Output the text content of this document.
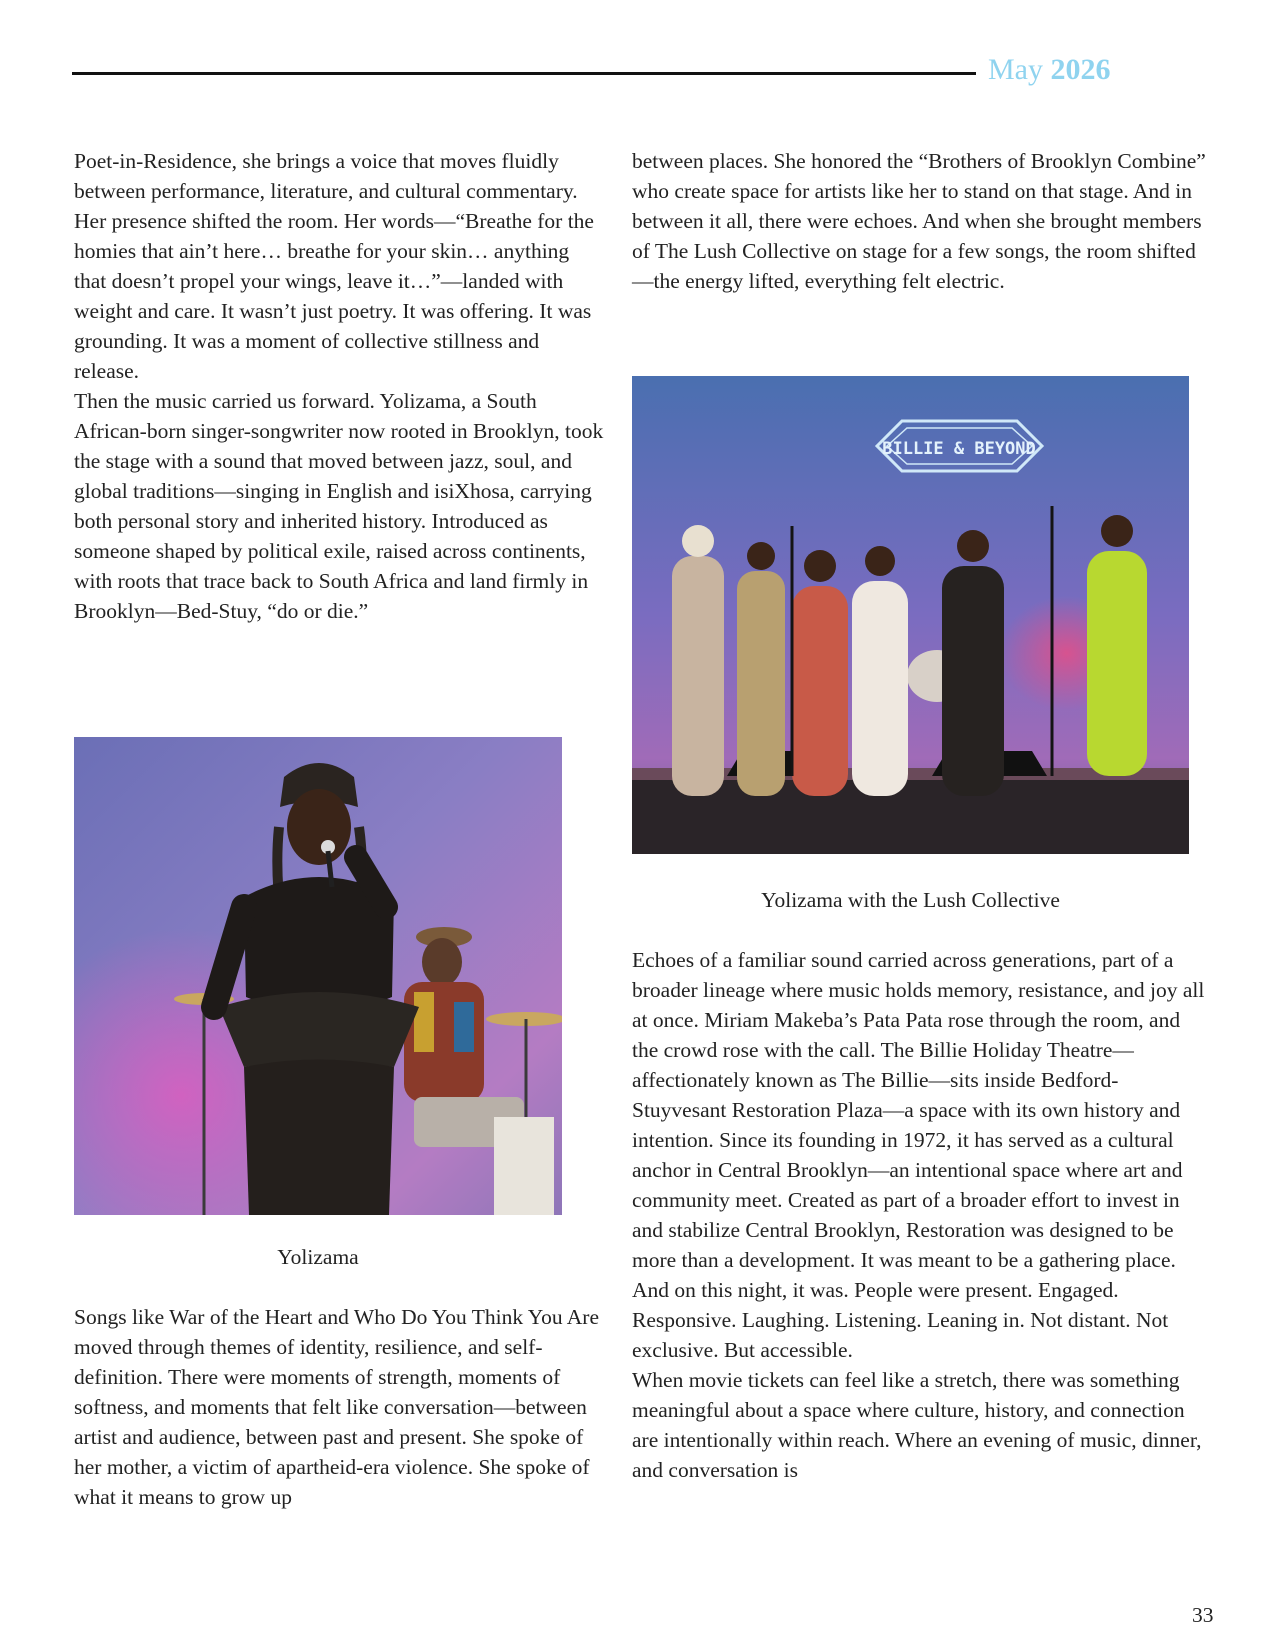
May 2026

Poet-in-Residence, she brings a voice that moves fluidly between performance, literature, and cultural commentary. Her presence shifted the room. Her words—“Breathe for the homies that ain’t here… breathe for your skin… anything that doesn’t propel your wings, leave it…”—landed with weight and care. It wasn’t just poetry. It was offering. It was grounding. It was a moment of collective stillness and release.

Then the music carried us forward. Yolizama, a South African-born singer-songwriter now rooted in Brooklyn, took the stage with a sound that moved between jazz, soul, and global traditions—singing in English and isiXhosa, carrying both personal story and inherited history. Introduced as someone shaped by political exile, raised across continents, with roots that trace back to South Africa and land firmly in Brooklyn—Bed-Stuy, “do or die.”

Yolizama

Songs like War of the Heart and Who Do You Think You Are moved through themes of identity, resilience, and self-definition. There were moments of strength, moments of softness, and moments that felt like conversation—between artist and audience, between past and present. She spoke of her mother, a victim of apartheid-era violence. She spoke of what it means to grow up

between places. She honored the “Brothers of Brooklyn Combine” who create space for artists like her to stand on that stage. And in between it all, there were echoes. And when she brought members of The Lush Collective on stage for a few songs, the room shifted—the energy lifted, everything felt electric.

BILLIE & BEYOND
Yolizama with the Lush Collective

Echoes of a familiar sound carried across generations, part of a broader lineage where music holds memory, resistance, and joy all at once. Miriam Makeba’s Pata Pata rose through the room, and the crowd rose with the call. The Billie Holiday Theatre—affectionately known as The Billie—sits inside Bedford-Stuyvesant Restoration Plaza—a space with its own history and intention. Since its founding in 1972, it has served as a cultural anchor in Central Brooklyn—an intentional space where art and community meet. Created as part of a broader effort to invest in and stabilize Central Brooklyn, Restoration was designed to be more than a development. It was meant to be a gathering place. And on this night, it was. People were present. Engaged. Responsive. Laughing. Listening. Leaning in. Not distant. Not exclusive. But accessible.

When movie tickets can feel like a stretch, there was something meaningful about a space where culture, history, and connection are intentionally within reach. Where an evening of music, dinner, and conversation is

33
